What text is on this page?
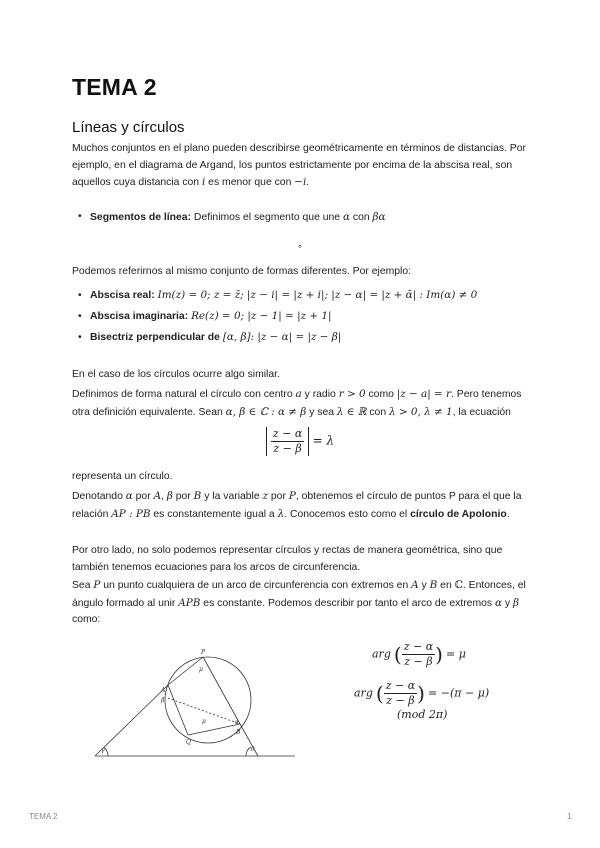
TEMA 2
Líneas y círculos
Muchos conjuntos en el plano pueden describirse geométricamente en términos de distancias. Por ejemplo, en el diagrama de Argand, los puntos estrictamente por encima de la abscisa real, son aquellos cuya distancia con i es menor que con −i.
• Segmentos de línea: Definimos el segmento que une α con βα
∘
Podemos referirnos al mismo conjunto de formas diferentes. Por ejemplo:
• Abscisa real: Im(z) = 0; z = z̄; |z − i| = |z + i|; |z − α| = |z + ᾱ| : Im(α) ≠ 0
• Abscisa imaginaria: Re(z) = 0; |z − 1| = |z + 1|
• Bisectriz perpendicular de [α, β]: |z − α| = |z − β|
En el caso de los círculos ocurre algo similar.
Definimos de forma natural el círculo con centro a y radio r > 0 como |z − a| = r. Pero tenemos otra definición equivalente. Sean α, β ∈ ℂ : α ≠ β y sea λ ∈ ℝ con λ > 0, λ ≠ 1, la ecuación
$\frac{z - \alpha}{z - \beta} = \lambda$
representa un círculo.
Denotando α por A, β por B y la variable z por P, obtenemos el círculo de puntos P para el que la relación AP : PB es constantemente igual a λ. Conocemos esto como el círculo de Apolonio.
Por otro lado, no solo podemos representar círculos y rectas de manera geométrica, sino que también tenemos ecuaciones para los arcos de circunferencia.
Sea P un punto cualquiera de un arco de circunferencia con extremos en A y B en ℂ. Entonces, el ángulo formado al unir APB es constante. Podemos describir por tanto el arco de extremos α y β como:
P
A
β
μ
μ	α
Q
B
γ	θ
arg ( $\frac{z - \alpha}{z - \beta}$ ) = μ
arg ( $\frac{z - \alpha}{z - \beta}$ ) = −(π − μ)
(mod 2π)
TEMA 2	1
